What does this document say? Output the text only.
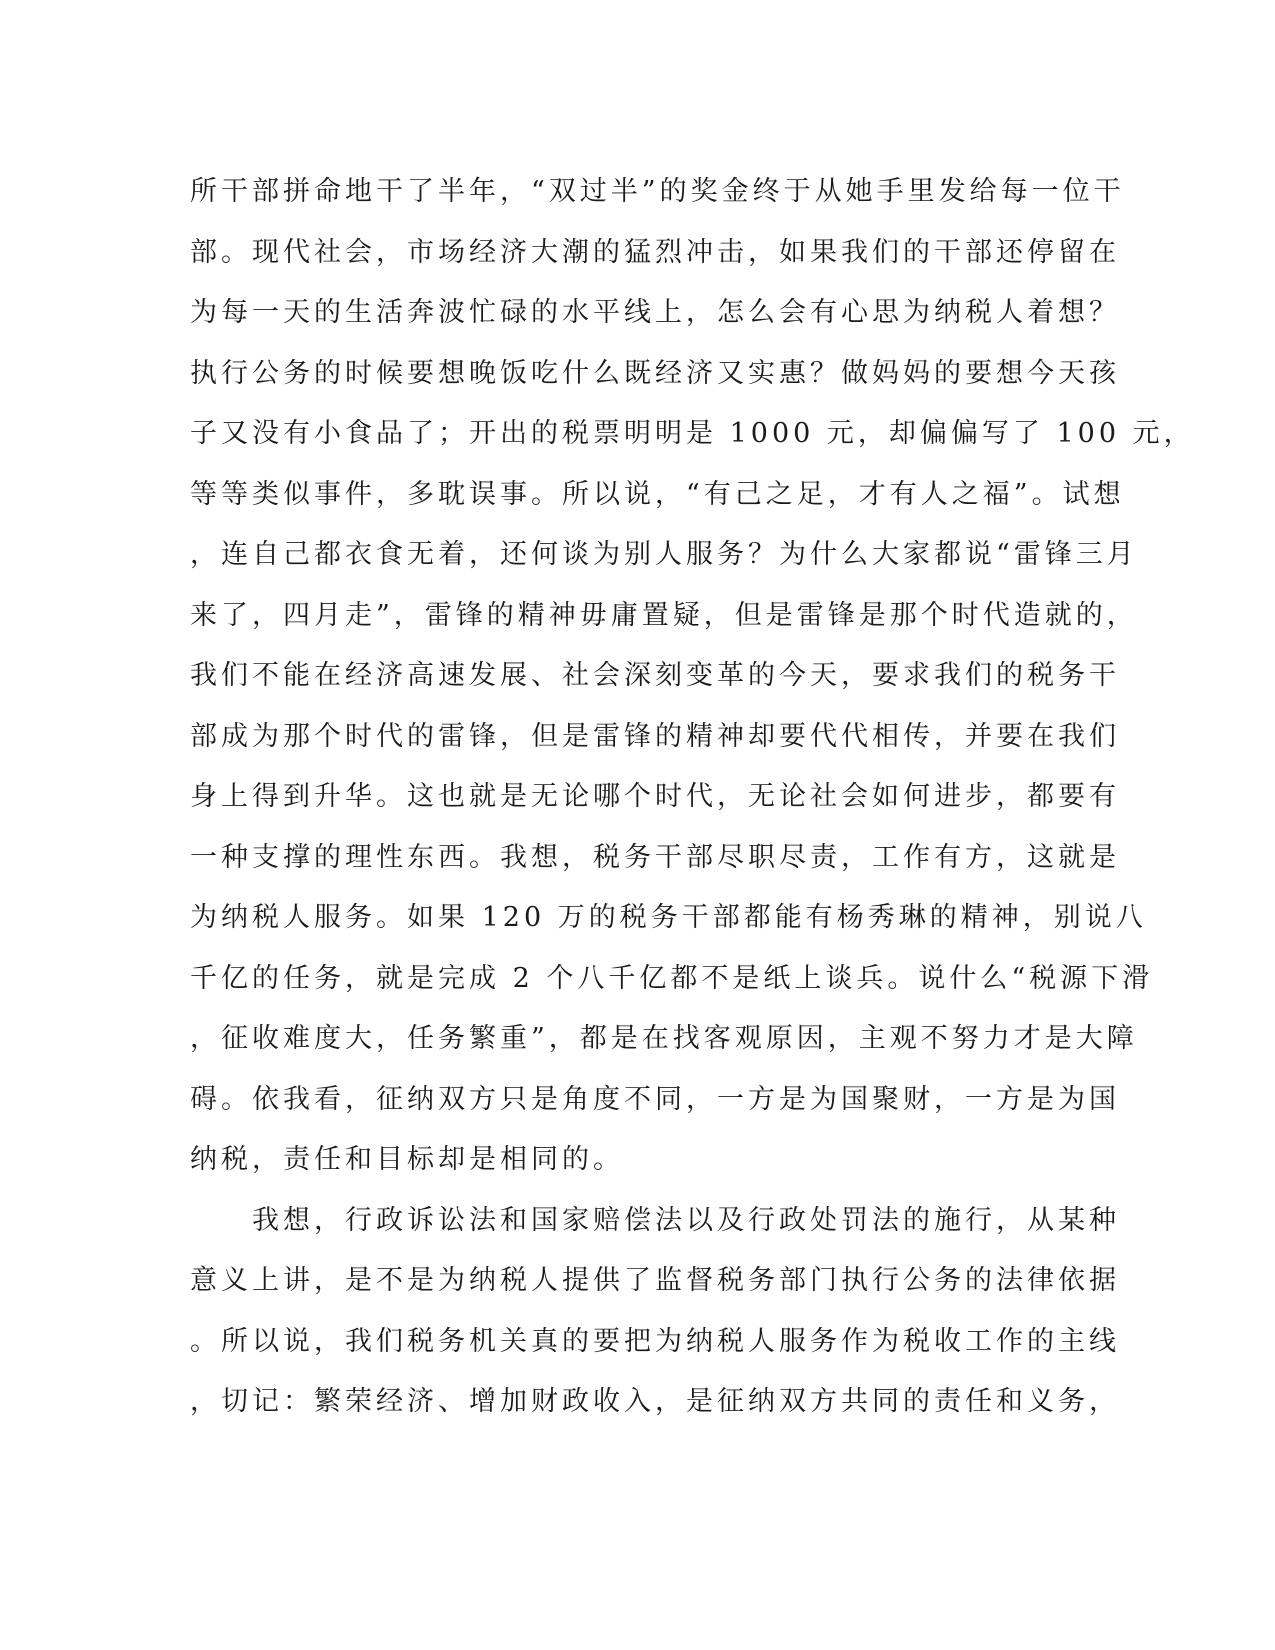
所干部拼命地干了半年，“双过半”的奖金终于从她手里发给每一位干
部。现代社会，市场经济大潮的猛烈冲击，如果我们的干部还停留在
为每一天的生活奔波忙碌的水平线上，怎么会有心思为纳税人着想？
执行公务的时候要想晚饭吃什么既经济又实惠？做妈妈的要想今天孩
子又没有小食品了；开出的税票明明是 1000 元，却偏偏写了 100 元，
等等类似事件，多耽误事。所以说，“有己之足，才有人之福”。试想
，连自己都衣食无着，还何谈为别人服务？为什么大家都说“雷锋三月
来了，四月走”，雷锋的精神毋庸置疑，但是雷锋是那个时代造就的，
我们不能在经济高速发展、社会深刻变革的今天，要求我们的税务干
部成为那个时代的雷锋，但是雷锋的精神却要代代相传，并要在我们
身上得到升华。这也就是无论哪个时代，无论社会如何进步，都要有
一种支撑的理性东西。我想，税务干部尽职尽责，工作有方，这就是
为纳税人服务。如果 120 万的税务干部都能有杨秀琳的精神，别说八
千亿的任务，就是完成 2 个八千亿都不是纸上谈兵。说什么“税源下滑
，征收难度大，任务繁重”，都是在找客观原因，主观不努力才是大障
碍。依我看，征纳双方只是角度不同，一方是为国聚财，一方是为国
纳税，责任和目标却是相同的。
　　我想，行政诉讼法和国家赔偿法以及行政处罚法的施行，从某种
意义上讲，是不是为纳税人提供了监督税务部门执行公务的法律依据
。所以说，我们税务机关真的要把为纳税人服务作为税收工作的主线
，切记：繁荣经济、增加财政收入，是征纳双方共同的责任和义务，
